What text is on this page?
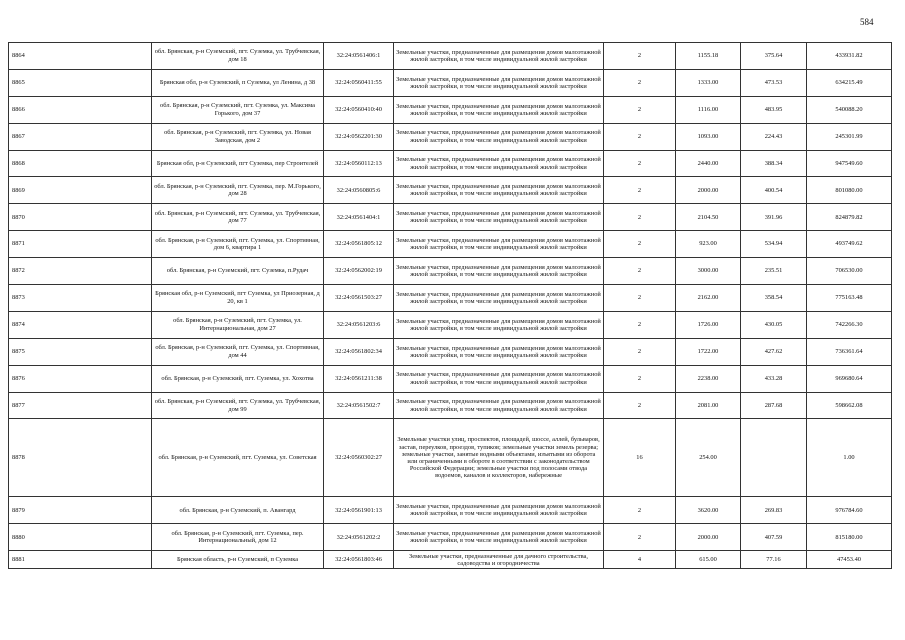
584
8864	обл. Брянская, р-н Суземский, пгт. Суземка, ул. Трубчевская, дом 18	32:24:0561406:1	Земельные участки, предназначенные для размещения домов малоэтажной жилой застройки, в том числе индивидуальной жилой застройки	2	1155.18	375.64	433931.82
8865	Брянская обл, р-н Суземский, п Суземка, ул Ленина, д 38	32:24:0560411:55	Земельные участки, предназначенные для размещения домов малоэтажной жилой застройки, в том числе индивидуальной жилой застройки	2	1333.00	473.53	634215.49
8866	обл. Брянская, р-н Суземский, пгт. Суземка, ул. Максима Горького, дом 37	32:24:0560410:40	Земельные участки, предназначенные для размещения домов малоэтажной жилой застройки, в том числе индивидуальной жилой застройки	2	1116.00	483.95	540088.20
8867	обл. Брянская, р-н Суземский, пгт. Суземка, ул. Новая Заводская, дом 2	32:24:0562201:30	Земельные участки, предназначенные для размещения домов малоэтажной жилой застройки, в том числе индивидуальной жилой застройки	2	1093.00	224.43	245301.99
8868	Брянская обл, р-н Суземский, пгт Суземка, пер Строителей	32:24:0560112:13	Земельные участки, предназначенные для размещения домов малоэтажной жилой застройки, в том числе индивидуальной жилой застройки	2	2440.00	388.34	947549.60
8869	обл. Брянская, р-н Суземский, пгт. Суземка, пер. М.Горького, дом 28	32:24:0560805:6	Земельные участки, предназначенные для размещения домов малоэтажной жилой застройки, в том числе индивидуальной жилой застройки	2	2000.00	400.54	801080.00
8870	обл. Брянская, р-н Суземский, пгт. Суземка, ул. Трубчевская, дом 77	32:24:0561404:1	Земельные участки, предназначенные для размещения домов малоэтажной жилой застройки, в том числе индивидуальной жилой застройки	2	2104.50	391.96	824879.82
8871	обл. Брянская, р-н Суземский, пгт. Суземка, ул. Спортивная, дом 6, квартира 1	32:24:0561805:12	Земельные участки, предназначенные для размещения домов малоэтажной жилой застройки, в том числе индивидуальной жилой застройки	2	923.00	534.94	493749.62
8872	обл. Брянская, р-н Суземский, пгт. Суземка, п.Рудач	32:24:0562002:19	Земельные участки, предназначенные для размещения домов малоэтажной жилой застройки, в том числе индивидуальной жилой застройки	2	3000.00	235.51	706530.00
8873	Брянская обл, р-н Суземский, пгт Суземка, ул Приозерная, д 20, кв 1	32:24:0561503:27	Земельные участки, предназначенные для размещения домов малоэтажной жилой застройки, в том числе индивидуальной жилой застройки	2	2162.00	358.54	775163.48
8874	обл. Брянская, р-н Суземский, пгт. Суземка, ул. Интернациональная, дом 27	32:24:0561203:6	Земельные участки, предназначенные для размещения домов малоэтажной жилой застройки, в том числе индивидуальной жилой застройки	2	1726.00	430.05	742266.30
8875	обл. Брянская, р-н Суземский, пгт. Суземка, ул. Спортивная, дом 44	32:24:0561802:34	Земельные участки, предназначенные для размещения домов малоэтажной жилой застройки, в том числе индивидуальной жилой застройки	2	1722.00	427.62	736361.64
8876	обл. Брянская, р-н Суземский, пгт. Суземка, ул. Хохотва	32:24:0561211:38	Земельные участки, предназначенные для размещения домов малоэтажной жилой застройки, в том числе индивидуальной жилой застройки	2	2238.00	433.28	969680.64
8877	обл. Брянская, р-н Суземский, пгт. Суземка, ул. Трубчевская, дом 99	32:24:0561502:7	Земельные участки, предназначенные для размещения домов малоэтажной жилой застройки, в том числе индивидуальной жилой застройки	2	2081.00	287.68	598662.08
8878	обл. Брянская, р-н Суземский, пгт. Суземка, ул. Советская	32:24:0560302:27	Земельные участки улиц, проспектов, площадей, шоссе, аллей, бульваров, застав, переулков, проездов, тупиков; земельные участки земель резерва; земельные участки, занятые водными объектами, изъятыми из оборота или ограниченными в обороте в соответствии с законодательством Российской Федерации; земельные участки под полосами отвода водоемов, каналов и коллекторов, набережные	16	254.00		1.00
8879	обл. Брянская, р-н Суземский, п. Авангард	32:24:0561901:13	Земельные участки, предназначенные для размещения домов малоэтажной жилой застройки, в том числе индивидуальной жилой застройки	2	3620.00	269.83	976784.60
8880	обл. Брянская, р-н Суземский, пгт. Суземка, пер. Интернациональный, дом 12	32:24:0561202:2	Земельные участки, предназначенные для размещения домов малоэтажной жилой застройки, в том числе индивидуальной жилой застройки	2	2000.00	407.59	815180.00
8881	Брянская область, р-н Суземский, п Суземка	32:24:0561803:46	Земельные участки, предназначенные для дачного строительства, садоводства и огородничества	4	615.00	77.16	47453.40
